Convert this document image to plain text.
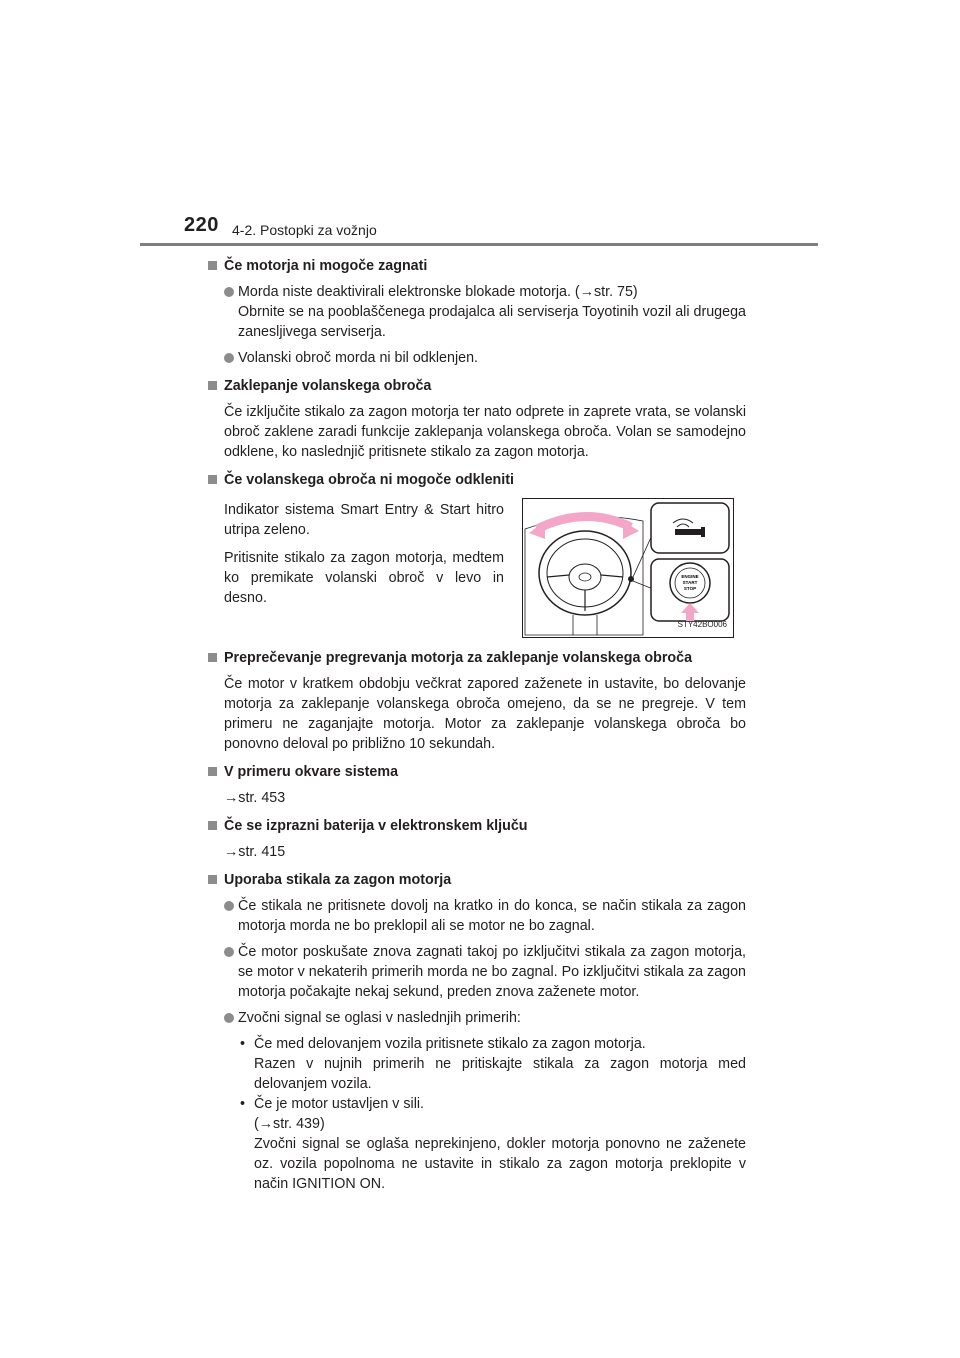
220 4-2. Postopki za vožnjo
Če motorja ni mogoče zagnati
Morda niste deaktivirali elektronske blokade motorja. (→str. 75)
Obrnite se na pooblaščenega prodajalca ali serviserja Toyotinih vozil ali drugega zanesljivega serviserja.
Volanski obroč morda ni bil odklenjen.
Zaklepanje volanskega obroča
Če izključite stikalo za zagon motorja ter nato odprete in zaprete vrata, se volanski obroč zaklene zaradi funkcije zaklepanja volanskega obroča. Volan se samodejno odklene, ko naslednjič pritisnete stikalo za zagon motorja.
Če volanskega obroča ni mogoče odkleniti

Indikator sistema Smart Entry & Start hitro utripa zeleno.

Pritisnite stikalo za zagon motorja, medtem ko premikate volanski obroč v levo in desno.

ENGINE
START
STOP
STY42BO006
Preprečevanje pregrevanja motorja za zaklepanje volanskega obroča
Če motor v kratkem obdobju večkrat zapored zaženete in ustavite, bo delovanje motorja za zaklepanje volanskega obroča omejeno, da se ne pregreje. V tem primeru ne zaganjajte motorja. Motor za zaklepanje volanskega obroča bo ponovno deloval po približno 10 sekundah.
V primeru okvare sistema
→str. 453
Če se izprazni baterija v elektronskem ključu
→str. 415
Uporaba stikala za zagon motorja
Če stikala ne pritisnete dovolj na kratko in do konca, se način stikala za zagon motorja morda ne bo preklopil ali se motor ne bo zagnal.
Če motor poskušate znova zagnati takoj po izključitvi stikala za zagon motorja, se motor v nekaterih primerih morda ne bo zagnal. Po izključitvi stikala za zagon motorja počakajte nekaj sekund, preden znova zaženete motor.
Zvočni signal se oglasi v naslednjih primerih:
• Če med delovanjem vozila pritisnete stikalo za zagon motorja.
Razen v nujnih primerih ne pritiskajte stikala za zagon motorja med delovanjem vozila.
• Če je motor ustavljen v sili.
(→str. 439)
Zvočni signal se oglaša neprekinjeno, dokler motorja ponovno ne zaženete oz. vozila popolnoma ne ustavite in stikalo za zagon motorja preklopite v način IGNITION ON.
